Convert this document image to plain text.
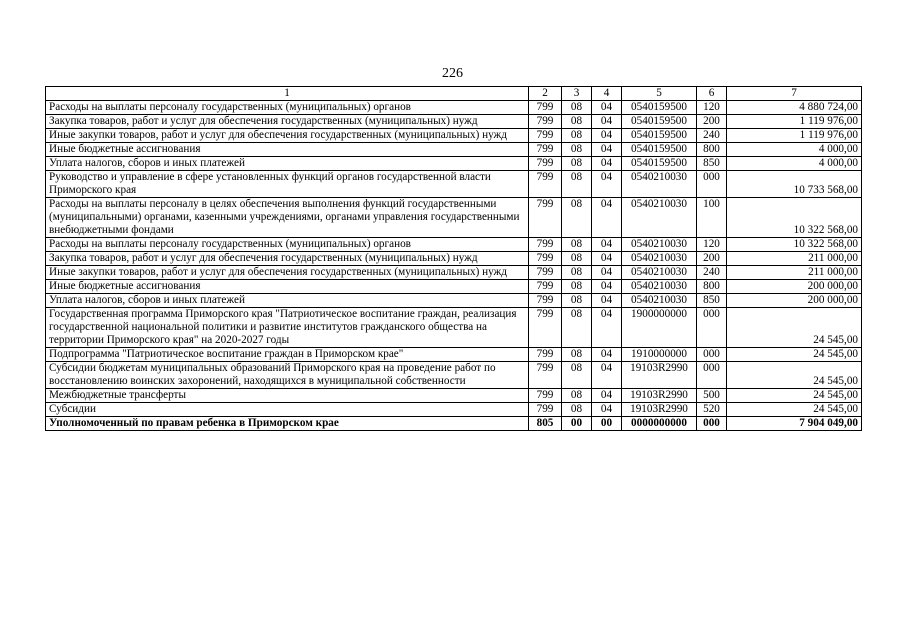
226
1	2	3	4	5	6	7
Расходы на выплаты персоналу государственных (муниципальных) органов	799	08	04	0540159500	120	4 880 724,00
Закупка товаров, работ и услуг для обеспечения государственных (муниципальных) нужд	799	08	04	0540159500	200	1 119 976,00
Иные закупки товаров, работ и услуг для обеспечения государственных (муниципальных) нужд	799	08	04	0540159500	240	1 119 976,00
Иные бюджетные ассигнования	799	08	04	0540159500	800	4 000,00
Уплата налогов, сборов и иных платежей	799	08	04	0540159500	850	4 000,00
Руководство и управление в сфере установленных функций органов государственной власти Приморского края	799	08	04	0540210030	000	10 733 568,00
Расходы на выплаты персоналу в целях обеспечения выполнения функций государственными (муниципальными) органами, казенными учреждениями, органами управления государственными внебюджетными фондами	799	08	04	0540210030	100	10 322 568,00
Расходы на выплаты персоналу государственных (муниципальных) органов	799	08	04	0540210030	120	10 322 568,00
Закупка товаров, работ и услуг для обеспечения государственных (муниципальных) нужд	799	08	04	0540210030	200	211 000,00
Иные закупки товаров, работ и услуг для обеспечения государственных (муниципальных) нужд	799	08	04	0540210030	240	211 000,00
Иные бюджетные ассигнования	799	08	04	0540210030	800	200 000,00
Уплата налогов, сборов и иных платежей	799	08	04	0540210030	850	200 000,00
Государственная программа Приморского края "Патриотическое воспитание граждан, реализация государственной национальной политики и развитие институтов гражданского общества на территории Приморского края" на 2020-2027 годы	799	08	04	1900000000	000	24 545,00
Подпрограмма "Патриотическое воспитание граждан в Приморском крае"	799	08	04	1910000000	000	24 545,00
Субсидии бюджетам муниципальных образований Приморского края на проведение работ по восстановлению воинских захоронений, находящихся в муниципальной собственности	799	08	04	19103R2990	000	24 545,00
Межбюджетные трансферты	799	08	04	19103R2990	500	24 545,00
Субсидии	799	08	04	19103R2990	520	24 545,00
Уполномоченный по правам ребенка в Приморском крае	805	00	00	0000000000	000	7 904 049,00
